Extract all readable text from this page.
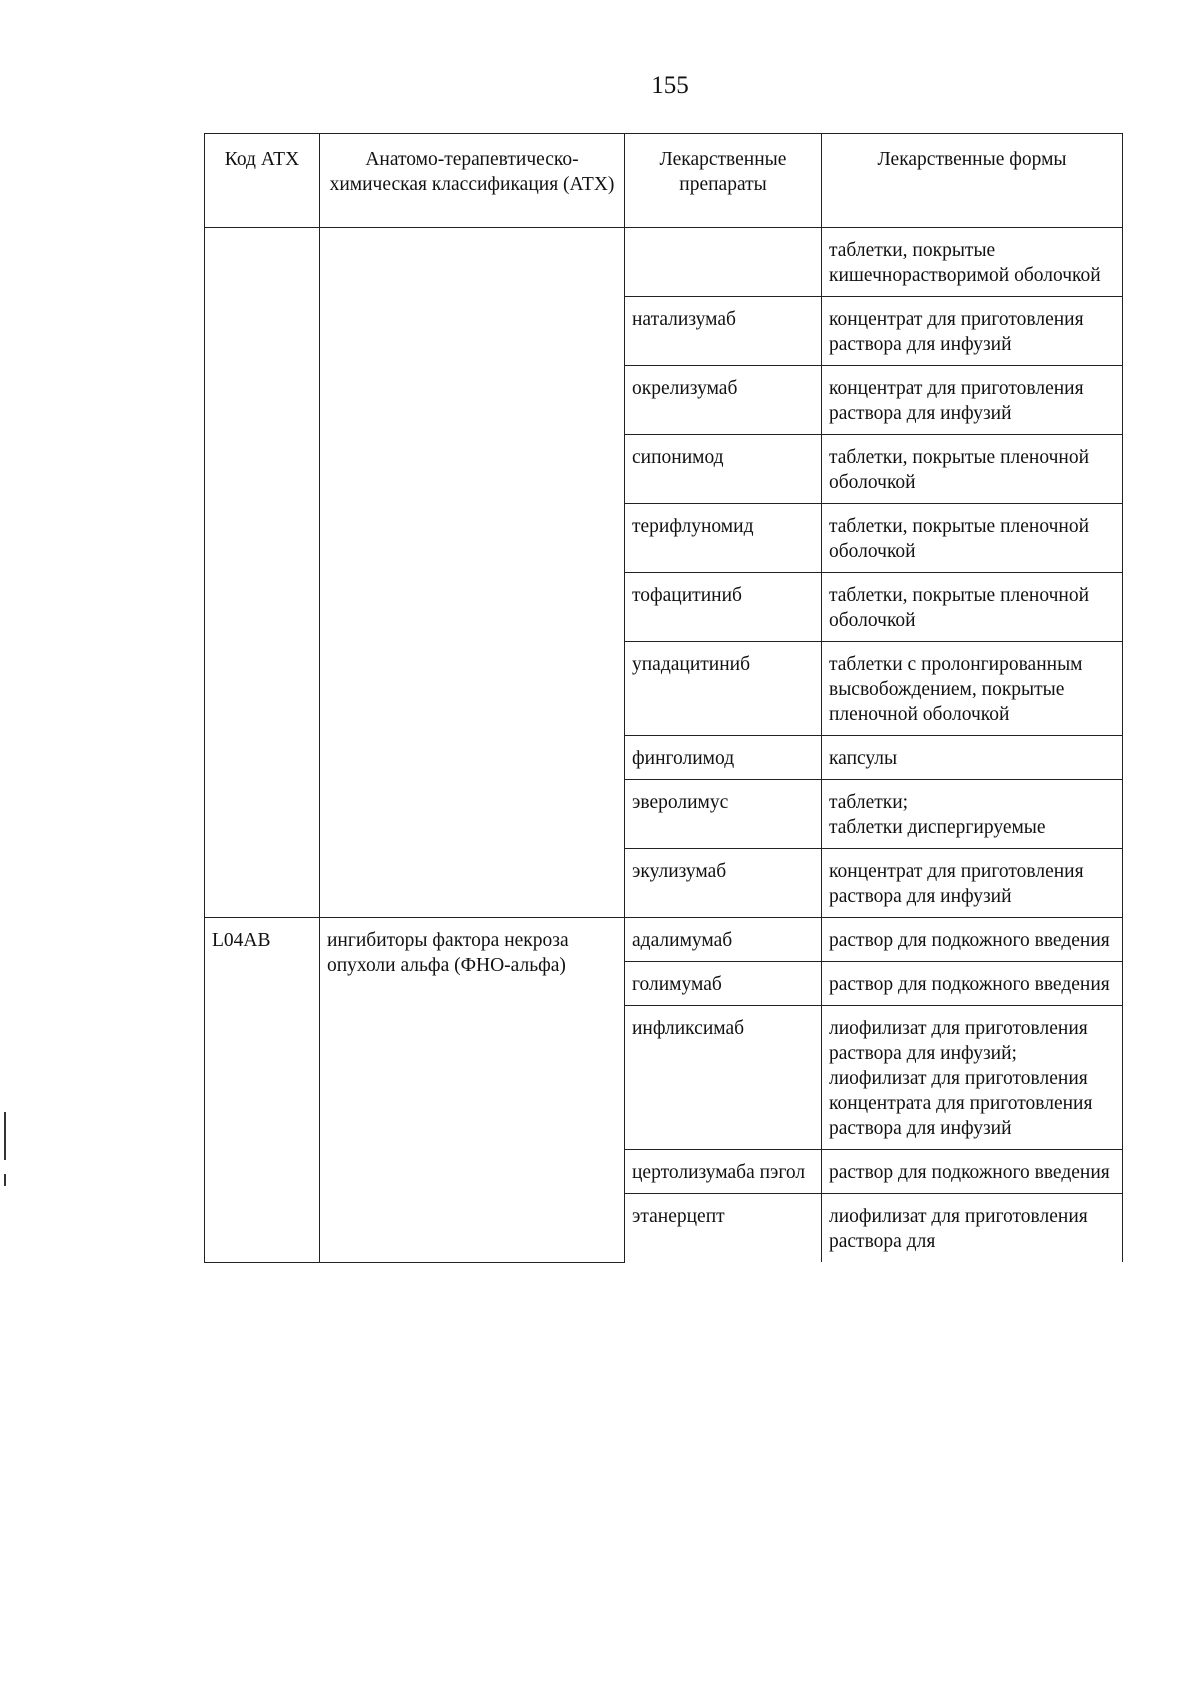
155
Код АТХ	Анатомо-терапевтическо-химическая классификация (АТХ)	Лекарственные препараты	Лекарственные формы
			таблетки, покрытые кишечнорастворимой оболочкой
		натализумаб	концентрат для приготовления раствора для инфузий
		окрелизумаб	концентрат для приготовления раствора для инфузий
		сипонимод	таблетки, покрытые пленочной оболочкой
		терифлуномид	таблетки, покрытые пленочной оболочкой
		тофацитиниб	таблетки, покрытые пленочной оболочкой
		упадацитиниб	таблетки с пролонгированным высвобождением, покрытые пленочной оболочкой
		финголимод	капсулы
		эверолимус	таблетки;
таблетки диспергируемые
		экулизумаб	концентрат для приготовления раствора для инфузий
L04AB	ингибиторы фактора некроза опухоли альфа (ФНО-альфа)	адалимумаб	раствор для подкожного введения
		голимумаб	раствор для подкожного введения
		инфликсимаб	лиофилизат для приготовления раствора для инфузий;
лиофилизат для приготовления концентрата для приготовления раствора для инфузий
		цертолизумаба пэгол	раствор для подкожного введения
		этанерцепт	лиофилизат для приготовления раствора для
